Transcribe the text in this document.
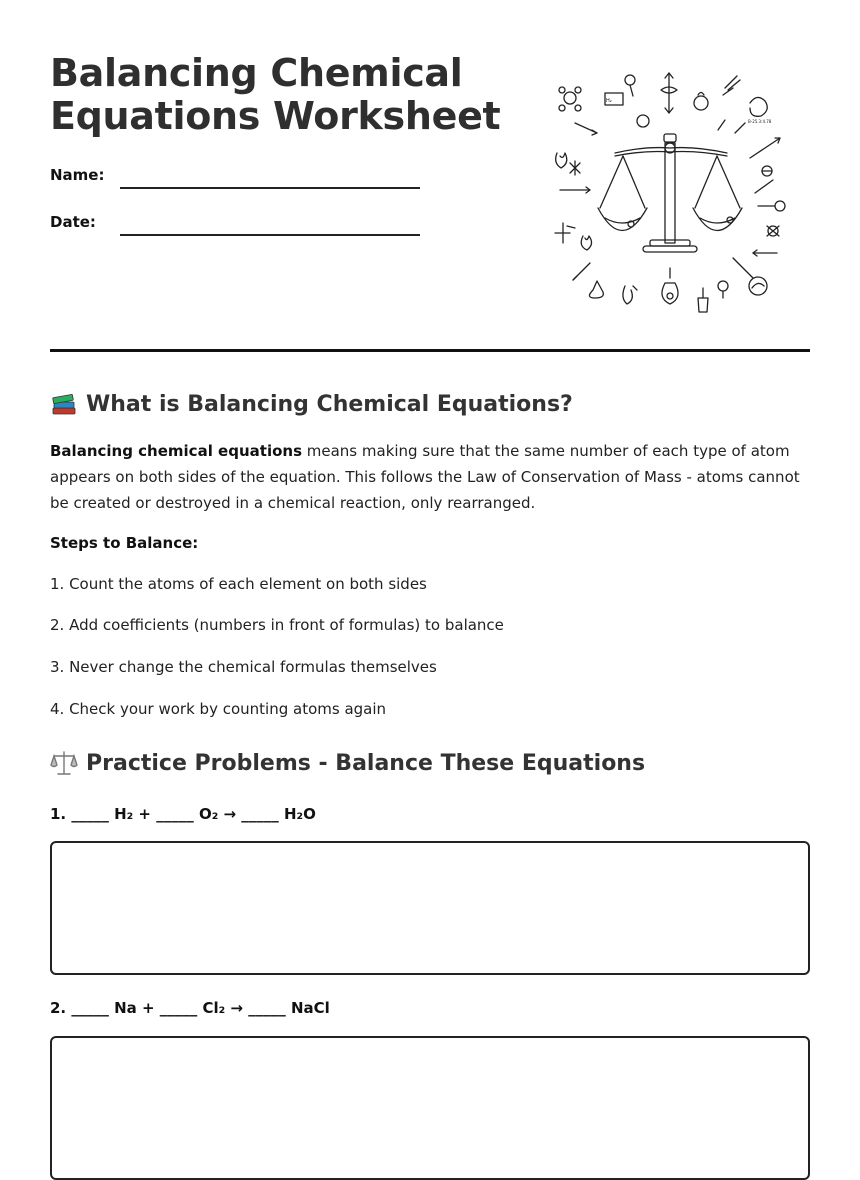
Balancing Chemical Equations Worksheet
Name:
Date:
H₂
B-25.3:4.78
What is Balancing Chemical Equations?

Balancing chemical equations means making sure that the same number of each type of atom appears on both sides of the equation. This follows the Law of Conservation of Mass - atoms cannot be created or destroyed in a chemical reaction, only rearranged.

Steps to Balance:
1. Count the atoms of each element on both sides
2. Add coefficients (numbers in front of formulas) to balance
3. Never change the chemical formulas themselves
4. Check your work by counting atoms again
Practice Problems - Balance These Equations
1. _____ H₂ + _____ O₂ → _____ H₂O
2. _____ Na + _____ Cl₂ → _____ NaCl
